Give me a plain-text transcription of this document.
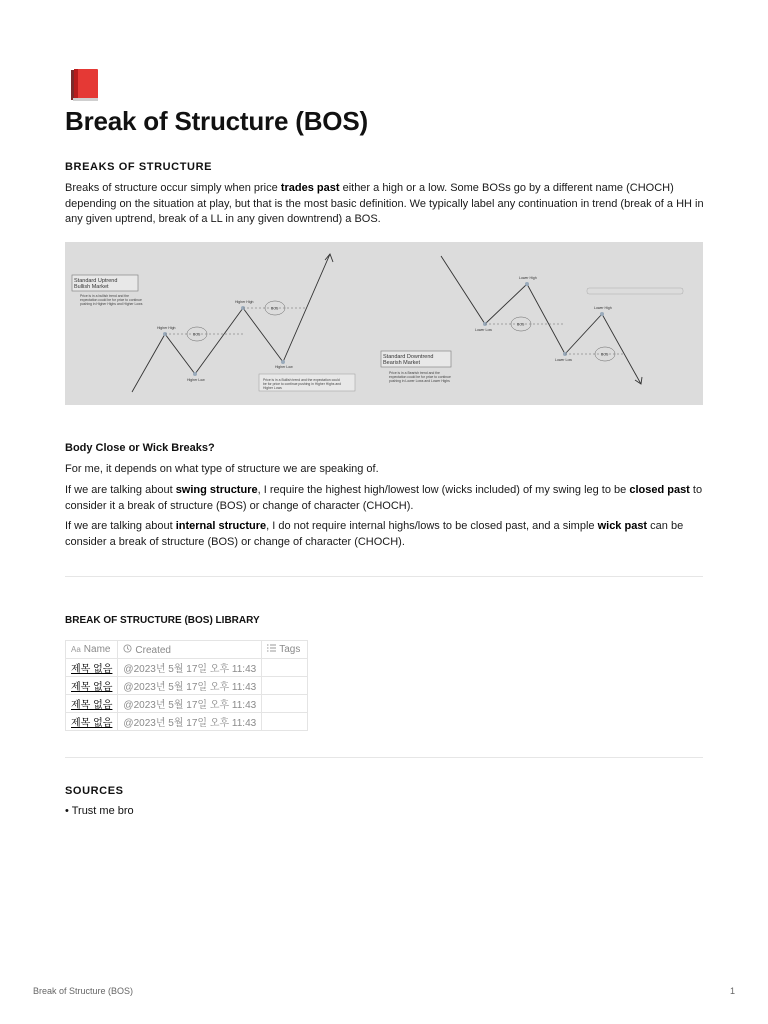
Break of Structure (BOS)
BREAKS OF STRUCTURE

Breaks of structure occur simply when price trades past either a high or a low. Some BOSs go by a different name (CHOCH) depending on the situation at play, but that is the most basic definition. We typically label any continuation in trend (break of a HH in any given uptrend, break of a LL in any given downtrend) a BOS.

Standard Uptrend
Bullish Market
Price is in a bullish trend and the
expectation could be for price to continue
pushing in Higher Highs and Higher Lows
Higher High
Higher Low
Higher High
Higher Low
BOS
BOS
Price is in a Bullish trend and the expectation could
be for price to continue pushing in Higher Highs and
Higher Lows
Standard Downtrend
Bearish Market
Price is in a Bearish trend and the
expectation could be for price to continue
pushing in Lower Lows and Lower Highs
Lower High
Lower Low
Lower High
Lower Low
BOS
BOS
Body Close or Wick Breaks?

For me, it depends on what type of structure we are speaking of.

If we are talking about swing structure, I require the highest high/lowest low (wicks included) of my swing leg to be closed past to consider it a break of structure (BOS) or change of character (CHOCH).

If we are talking about internal structure, I do not require internal highs/lows to be closed past, and a simple wick past can be consider a break of structure (BOS) or change of character (CHOCH).

BREAK OF STRUCTURE (BOS) LIBRARY
Aa Name	Created	Tags
제목 없음	@2023년 5월 17일 오후 11:43	
제목 없음	@2023년 5월 17일 오후 11:43	
제목 없음	@2023년 5월 17일 오후 11:43	
제목 없음	@2023년 5월 17일 오후 11:43	
SOURCES

• Trust me bro

Break of Structure (BOS)	1
